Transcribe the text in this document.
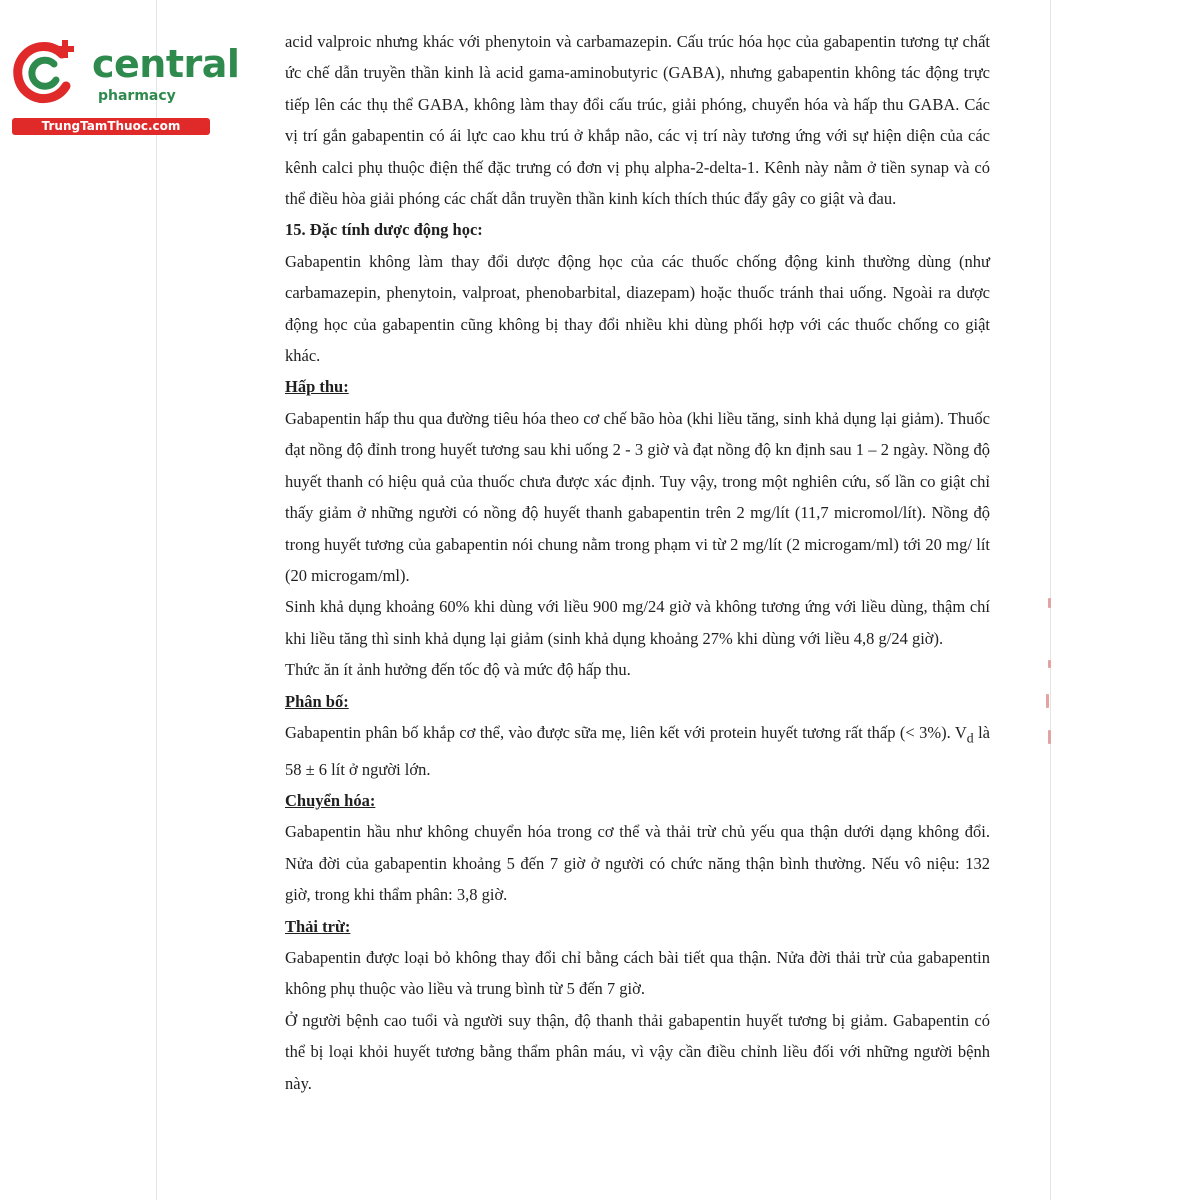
central
pharmacy
TrungTamThuoc.com

acid valproic nhưng khác với phenytoin và carbamazepin. Cấu trúc hóa học của gabapentin tương tự chất ức chế dẫn truyền thần kinh là acid gama-aminobutyric (GABA), nhưng gabapentin không tác động trực tiếp lên các thụ thể GABA, không làm thay đổi cấu trúc, giải phóng, chuyển hóa và hấp thu GABA. Các vị trí gắn gabapentin có ái lực cao khu trú ở khắp não, các vị trí này tương ứng với sự hiện diện của các kênh calci phụ thuộc điện thế đặc trưng có đơn vị phụ alpha-2-delta-1. Kênh này nằm ở tiền synap và có thể điều hòa giải phóng các chất dẫn truyền thần kinh kích thích thúc đẩy gây co giật và đau.

15. Đặc tính dược động học:

Gabapentin không làm thay đổi dược động học của các thuốc chống động kinh thường dùng (như carbamazepin, phenytoin, valproat, phenobarbital, diazepam) hoặc thuốc tránh thai uống. Ngoài ra dược động học của gabapentin cũng không bị thay đổi nhiều khi dùng phối hợp với các thuốc chống co giật khác.

Hấp thu:

Gabapentin hấp thu qua đường tiêu hóa theo cơ chế bão hòa (khi liều tăng, sinh khả dụng lại giảm). Thuốc đạt nồng độ đỉnh trong huyết tương sau khi uống 2 - 3 giờ và đạt nồng độ kn định sau 1 – 2 ngày. Nồng độ huyết thanh có hiệu quả của thuốc chưa được xác định. Tuy vậy, trong một nghiên cứu, số lần co giật chỉ thấy giảm ở những người có nồng độ huyết thanh gabapentin trên 2 mg/lít (11,7 micromol/lít). Nồng độ trong huyết tương của gabapentin nói chung nằm trong phạm vi từ 2 mg/lít (2 microgam/ml) tới 20 mg/ lít (20 microgam/ml).

Sinh khả dụng khoảng 60% khi dùng với liều 900 mg/24 giờ và không tương ứng với liều dùng, thậm chí khi liều tăng thì sinh khả dụng lại giảm (sinh khả dụng khoảng 27% khi dùng với liều 4,8 g/24 giờ).

Thức ăn ít ảnh hưởng đến tốc độ và mức độ hấp thu.

Phân bố:

Gabapentin phân bố khắp cơ thể, vào được sữa mẹ, liên kết với protein huyết tương rất thấp (< 3%). $V_d$ là 58 ± 6 lít ở người lớn.

Chuyển hóa:

Gabapentin hầu như không chuyển hóa trong cơ thể và thải trừ chủ yếu qua thận dưới dạng không đổi. Nửa đời của gabapentin khoảng 5 đến 7 giờ ở người có chức năng thận bình thường. Nếu vô niệu: 132 giờ, trong khi thẩm phân: 3,8 giờ.

Thải trừ:

Gabapentin được loại bỏ không thay đổi chỉ bằng cách bài tiết qua thận. Nửa đời thải trừ của gabapentin không phụ thuộc vào liều và trung bình từ 5 đến 7 giờ.

Ở người bệnh cao tuổi và người suy thận, độ thanh thải gabapentin huyết tương bị giảm. Gabapentin có thể bị loại khỏi huyết tương bằng thẩm phân máu, vì vậy cần điều chỉnh liều đối với những người bệnh này.
